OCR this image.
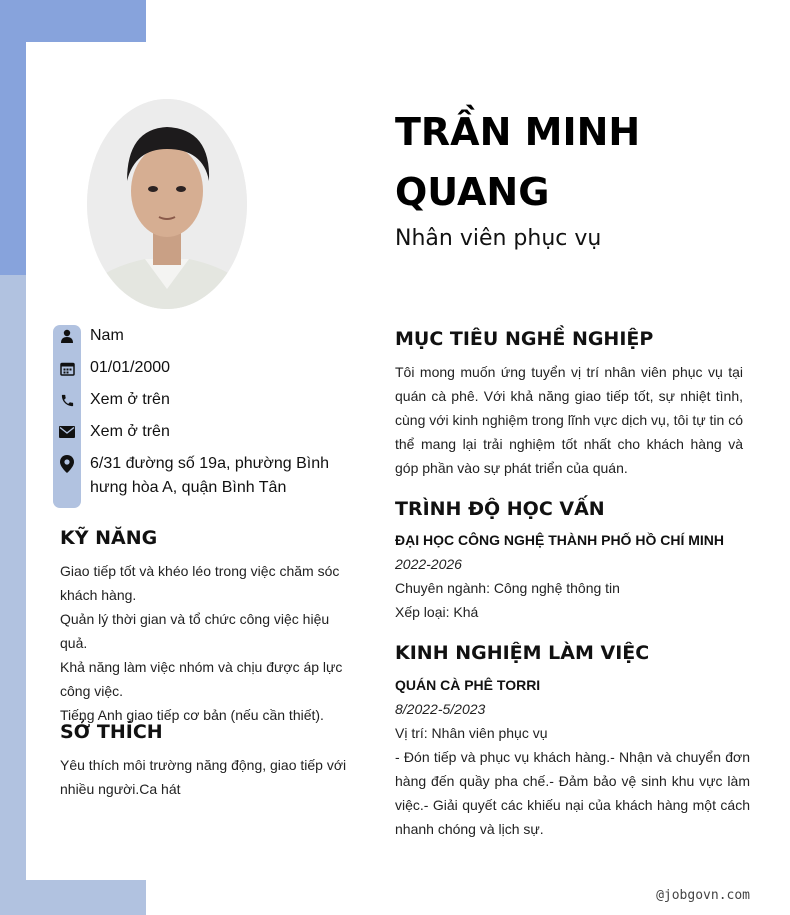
TRẦN MINH QUANG
Nhân viên phục vụ
Nam
01/01/2000
Xem ở trên
Xem ở trên
6/31 đường số 19a, phường Bình hưng hòa A, quận Bình Tân
KỸ NĂNG
Giao tiếp tốt và khéo léo trong việc chăm sóc khách hàng.
Quản lý thời gian và tổ chức công việc hiệu quả.
Khả năng làm việc nhóm và chịu được áp lực công việc.
Tiếng Anh giao tiếp cơ bản (nếu cần thiết).
SỞ THÍCH
Yêu thích môi trường năng động, giao tiếp với nhiều người.Ca hát
MỤC TIÊU NGHỀ NGHIỆP
Tôi mong muốn ứng tuyển vị trí nhân viên phục vụ tại quán cà phê. Với khả năng giao tiếp tốt, sự nhiệt tình, cùng với kinh nghiệm trong lĩnh vực dịch vụ, tôi tự tin có thể mang lại trải nghiệm tốt nhất cho khách hàng và góp phần vào sự phát triển của quán.
TRÌNH ĐỘ HỌC VẤN
ĐẠI HỌC CÔNG NGHỆ THÀNH PHỐ HỒ CHÍ MINH
2022-2026
Chuyên ngành: Công nghệ thông tin
Xếp loại: Khá
KINH NGHIỆM LÀM VIỆC
QUÁN CÀ PHÊ TORRI
8/2022-5/2023
Vị trí: Nhân viên phục vụ
- Đón tiếp và phục vụ khách hàng.- Nhận và chuyển đơn hàng đến quầy pha chế.- Đảm bảo vệ sinh khu vực làm việc.- Giải quyết các khiếu nại của khách hàng một cách nhanh chóng và lịch sự.
@jobgovn.com
